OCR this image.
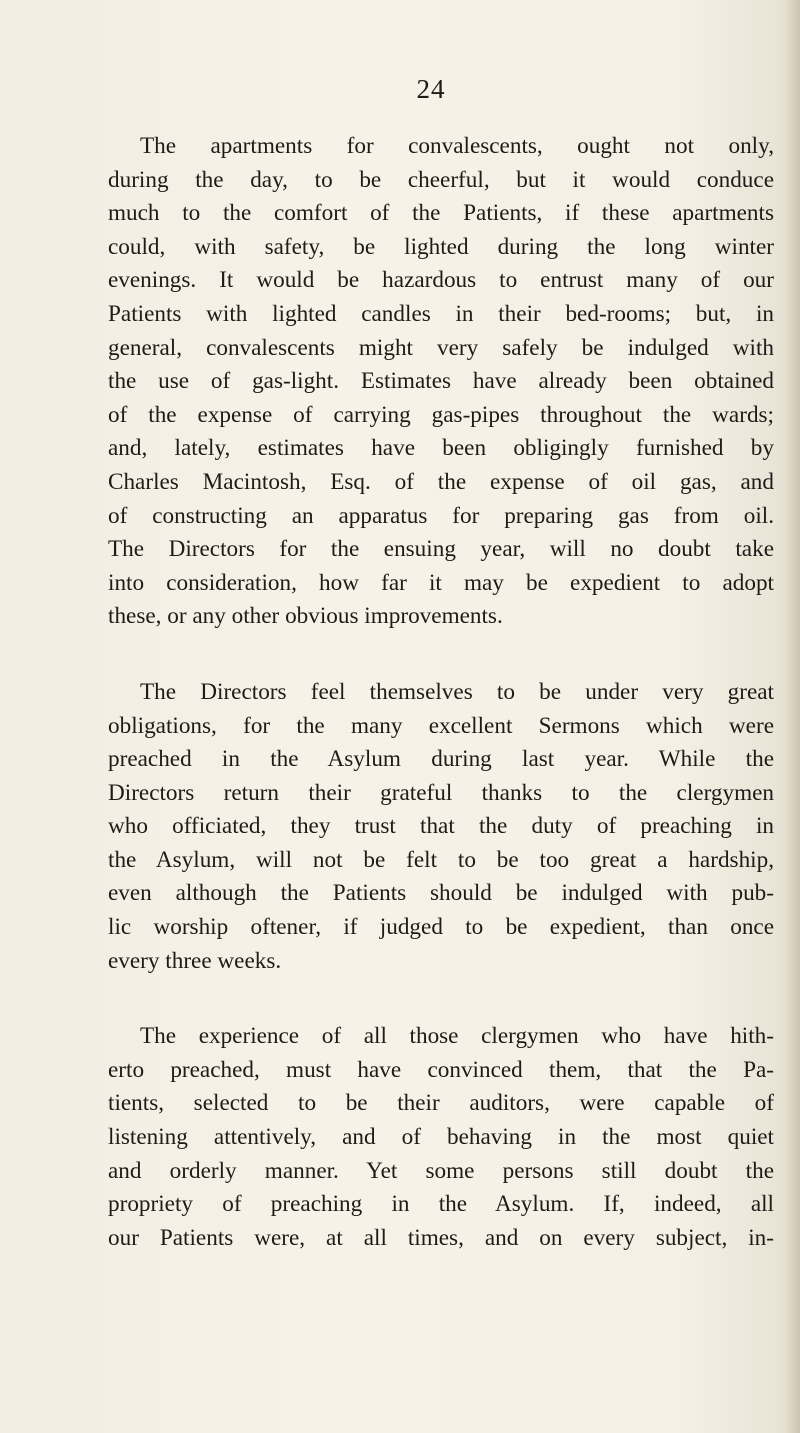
24

The apartments for convalescents, ought not only,
during the day, to be cheerful, but it would conduce
much to the comfort of the Patients, if these apartments
could, with safety, be lighted during the long winter
evenings. It would be hazardous to entrust many of our
Patients with lighted candles in their bed-rooms; but, in
general, convalescents might very safely be indulged with
the use of gas-light. Estimates have already been obtained
of the expense of carrying gas-pipes throughout the wards;
and, lately, estimates have been obligingly furnished by
Charles Macintosh, Esq. of the expense of oil gas, and
of constructing an apparatus for preparing gas from oil.
The Directors for the ensuing year, will no doubt take
into consideration, how far it may be expedient to adopt
these, or any other obvious improvements.

The Directors feel themselves to be under very great
obligations, for the many excellent Sermons which were
preached in the Asylum during last year. While the
Directors return their grateful thanks to the clergymen
who officiated, they trust that the duty of preaching in
the Asylum, will not be felt to be too great a hardship,
even although the Patients should be indulged with pub-
lic worship oftener, if judged to be expedient, than once
every three weeks.

The experience of all those clergymen who have hith-
erto preached, must have convinced them, that the Pa-
tients, selected to be their auditors, were capable of
listening attentively, and of behaving in the most quiet
and orderly manner. Yet some persons still doubt the
propriety of preaching in the Asylum. If, indeed, all
our Patients were, at all times, and on every subject, in-
